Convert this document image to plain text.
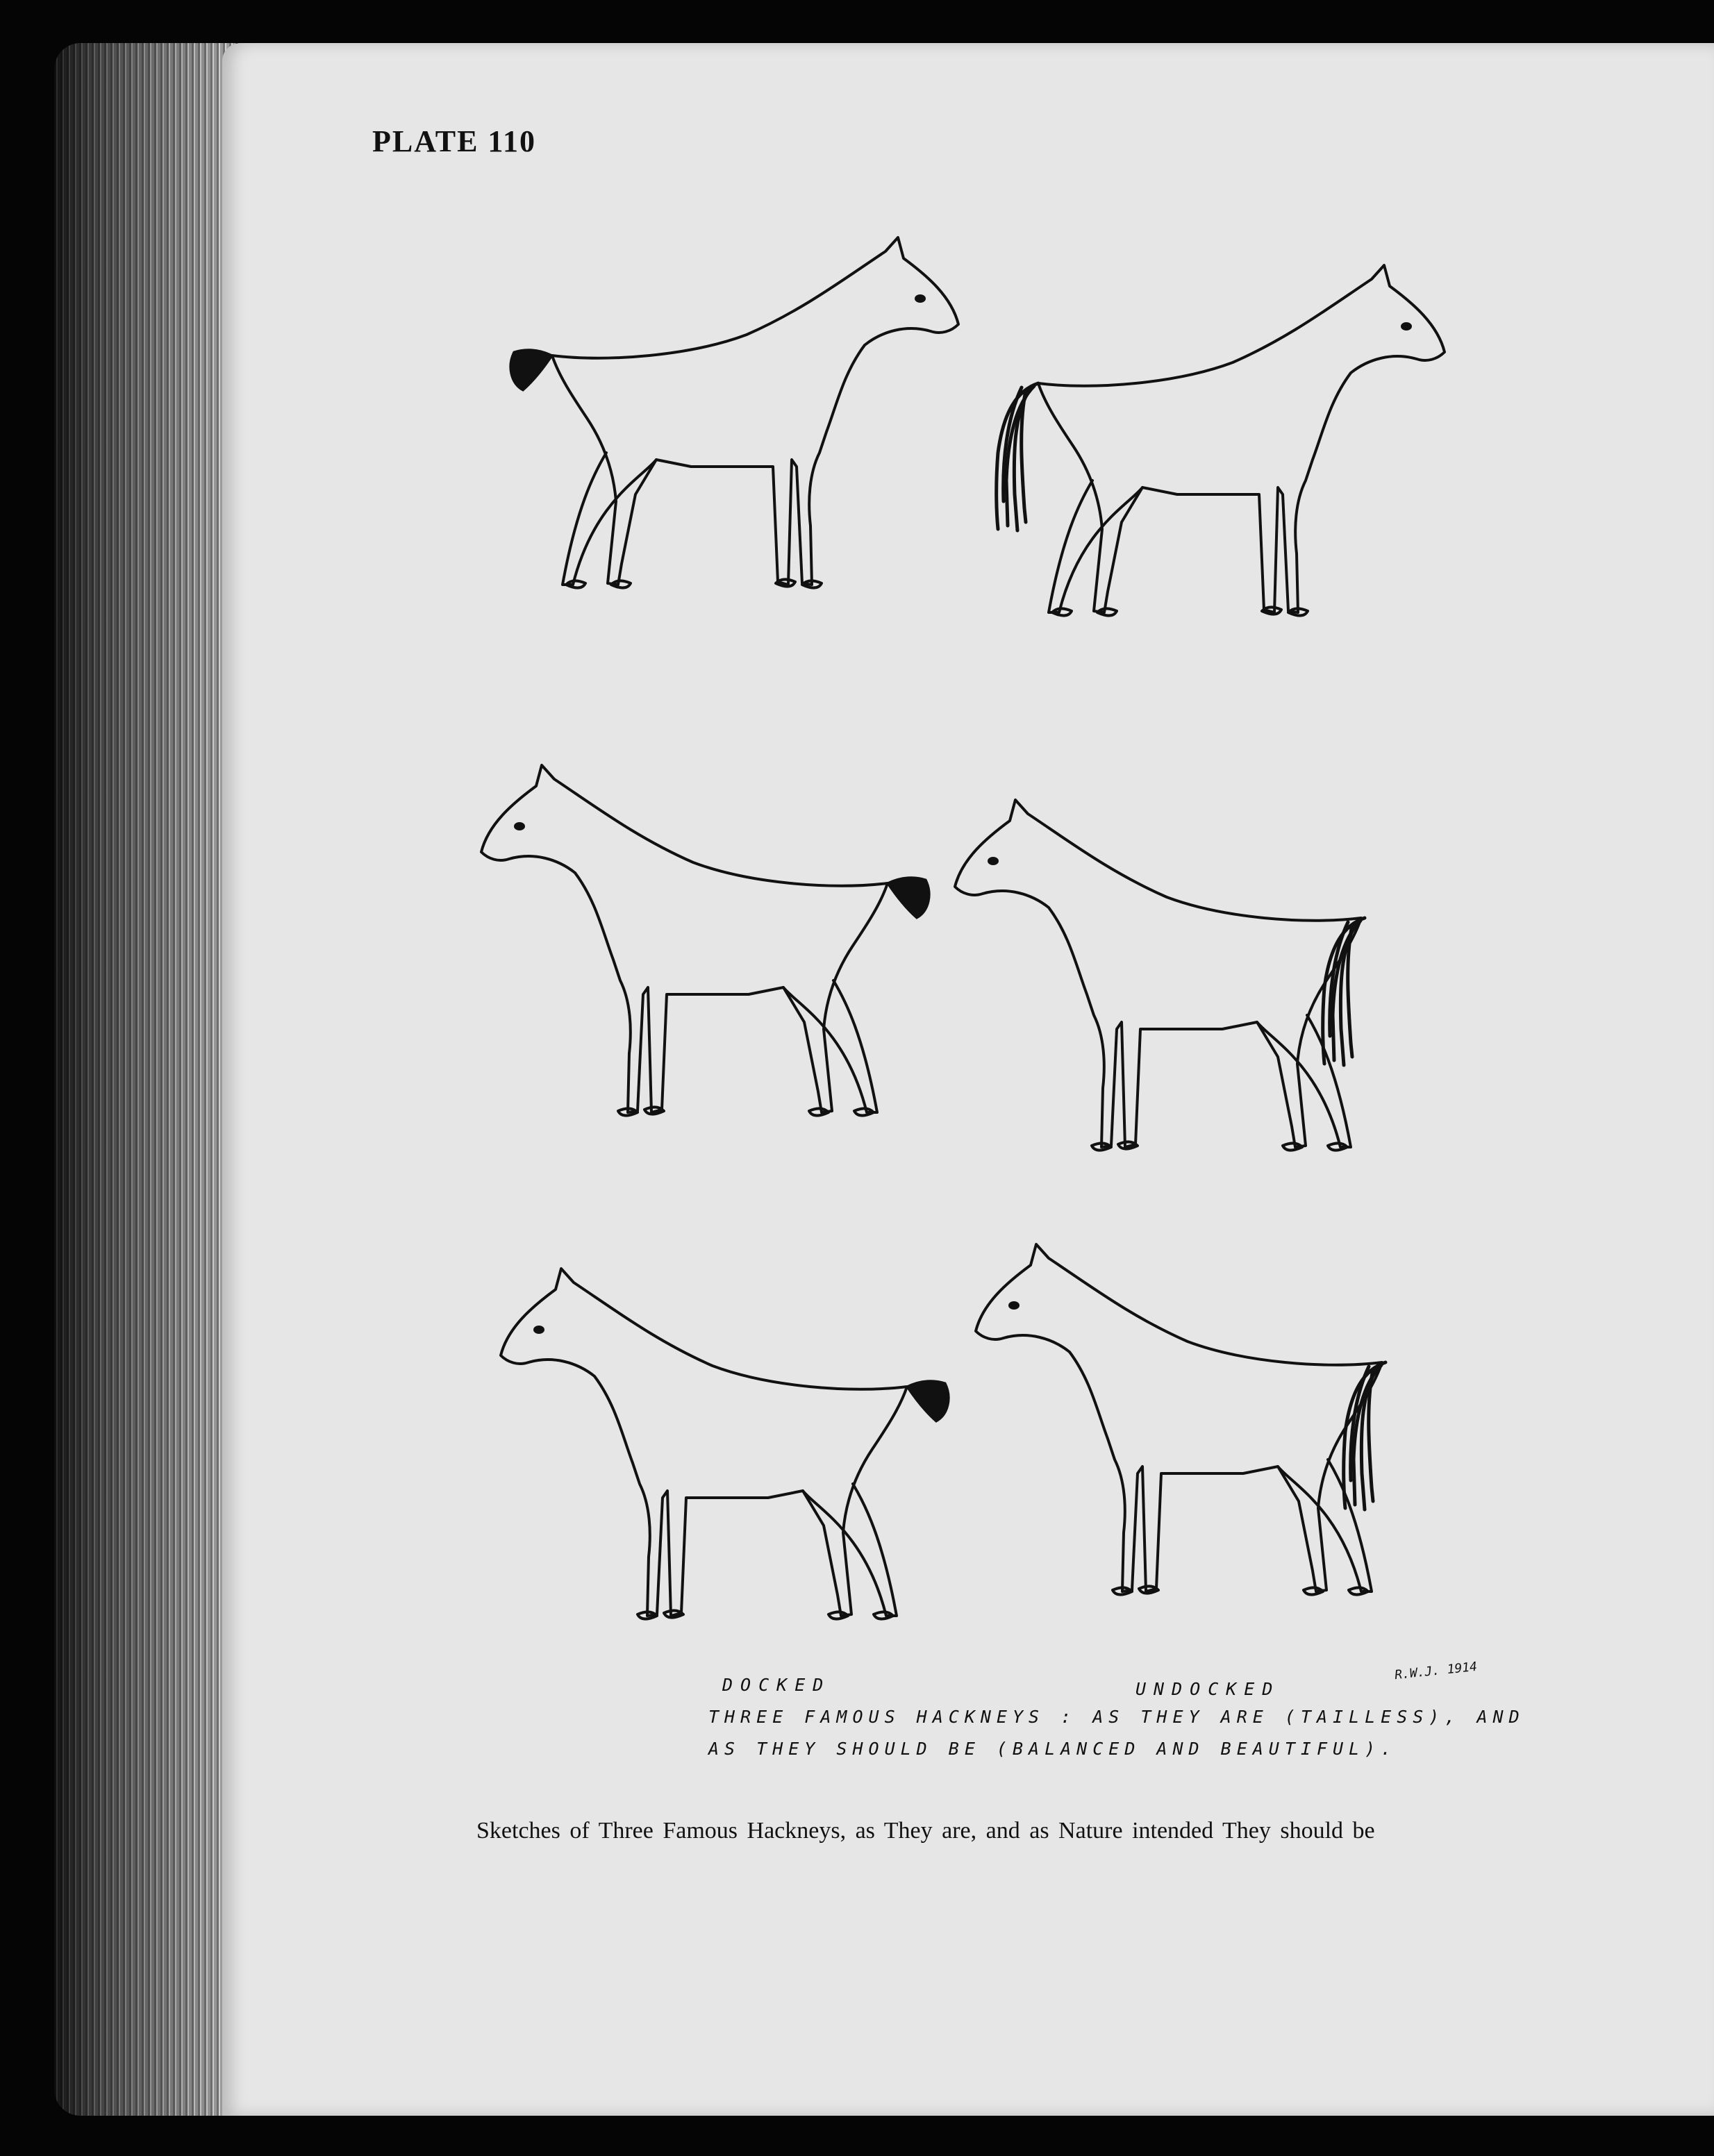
PLATE 110
DOCKED	UNDOCKED
R.W.J. 1914
THREE FAMOUS HACKNEYS : AS THEY ARE (TAILLESS), AND
AS THEY SHOULD BE (BALANCED AND BEAUTIFUL).
Sketches of Three Famous Hackneys, as They are, and as Nature intended They should be
